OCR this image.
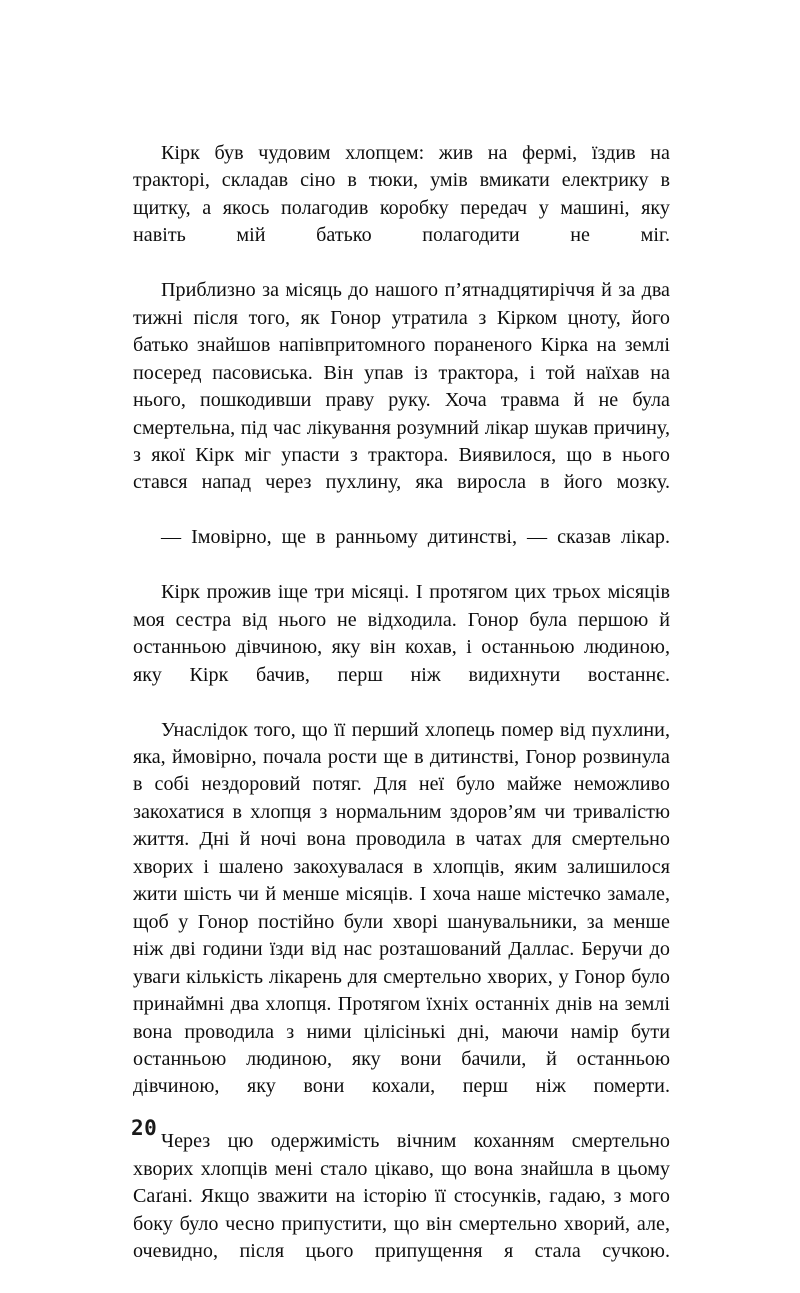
Кірк був чудовим хлопцем: жив на фермі, їздив на тракторі, складав сіно в тюки, умів вмикати електрику в щитку, а якось полагодив коробку передач у машині, яку навіть мій батько полагодити не міг.

Приблизно за місяць до нашого п’ятнадцятиріччя й за два тижні після того, як Гонор утратила з Кірком цноту, його батько знайшов напівпритомного пораненого Кірка на землі посеред пасовиська. Він упав із трактора, і той наїхав на нього, пошкодивши праву руку. Хоча травма й не була смертельна, під час лікування розумний лікар шукав причину, з якої Кірк міг упасти з трактора. Виявилося, що в нього стався напад через пухлину, яка виросла в його мозку.

— Імовірно, ще в ранньому дитинстві, — сказав лікар.

Кірк прожив іще три місяці. І протягом цих трьох місяців моя сестра від нього не відходила. Гонор була першою й останньою дівчиною, яку він кохав, і останньою людиною, яку Кірк бачив, перш ніж видихнути востаннє.

Унаслідок того, що її перший хлопець помер від пухлини, яка, ймовірно, почала рости ще в дитинстві, Гонор розвинула в собі нездоровий потяг. Для неї було майже неможливо закохатися в хлопця з нормальним здоров’ям чи тривалістю життя. Дні й ночі вона проводила в чатах для смертельно хворих і шалено закохувалася в хлопців, яким залишилося жити шість чи й менше місяців. І хоча наше містечко замале, щоб у Гонор постійно були хворі шанувальники, за менше ніж дві години їзди від нас розташований Даллас. Беручи до уваги кількість лікарень для смертельно хворих, у Гонор було принаймні два хлопця. Протягом їхніх останніх днів на землі вона проводила з ними цілісінькі дні, маючи намір бути останньою людиною, яку вони бачили, й останньою дівчиною, яку вони кохали, перш ніж померти.

Через цю одержимість вічним коханням смертельно хворих хлопців мені стало цікаво, що вона знайшла в цьому Саґані. Якщо зважити на історію її стосунків, гадаю, з мого боку було чесно припустити, що він смертельно хворий, але, очевидно, після цього припущення я стала сучкою.

20
